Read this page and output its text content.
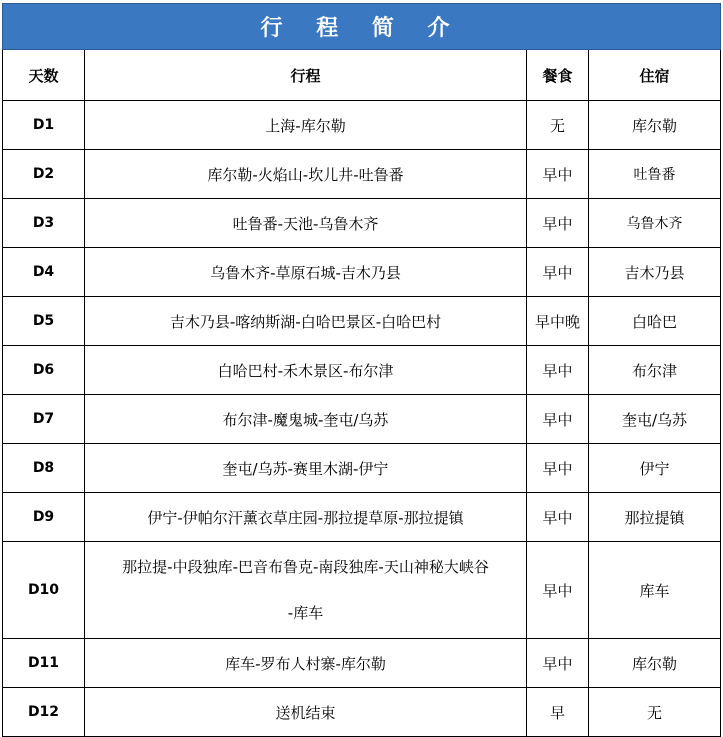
行 程 简 介			
天数	行程	餐食	住宿
D1	上海-库尔勒	无	库尔勒
D2	库尔勒-火焰山-坎儿井-吐鲁番	早中	吐鲁番
D3	吐鲁番-天池-乌鲁木齐	早中	乌鲁木齐
D4	乌鲁木齐-草原石城-吉木乃县	早中	吉木乃县
D5	吉木乃县-喀纳斯湖-白哈巴景区-白哈巴村	早中晚	白哈巴
D6	白哈巴村-禾木景区-布尔津	早中	布尔津
D7	布尔津-魔鬼城-奎屯/乌苏	早中	奎屯/乌苏
D8	奎屯/乌苏-赛里木湖-伊宁	早中	伊宁
D9	伊宁-伊帕尔汗薰衣草庄园-那拉提草原-那拉提镇	早中	那拉提镇
D10	那拉提-中段独库-巴音布鲁克-南段独库-天山神秘大峡谷
-库车	早中	库车
D11	库车-罗布人村寨-库尔勒	早中	库尔勒
D12	送机结束	早	无
